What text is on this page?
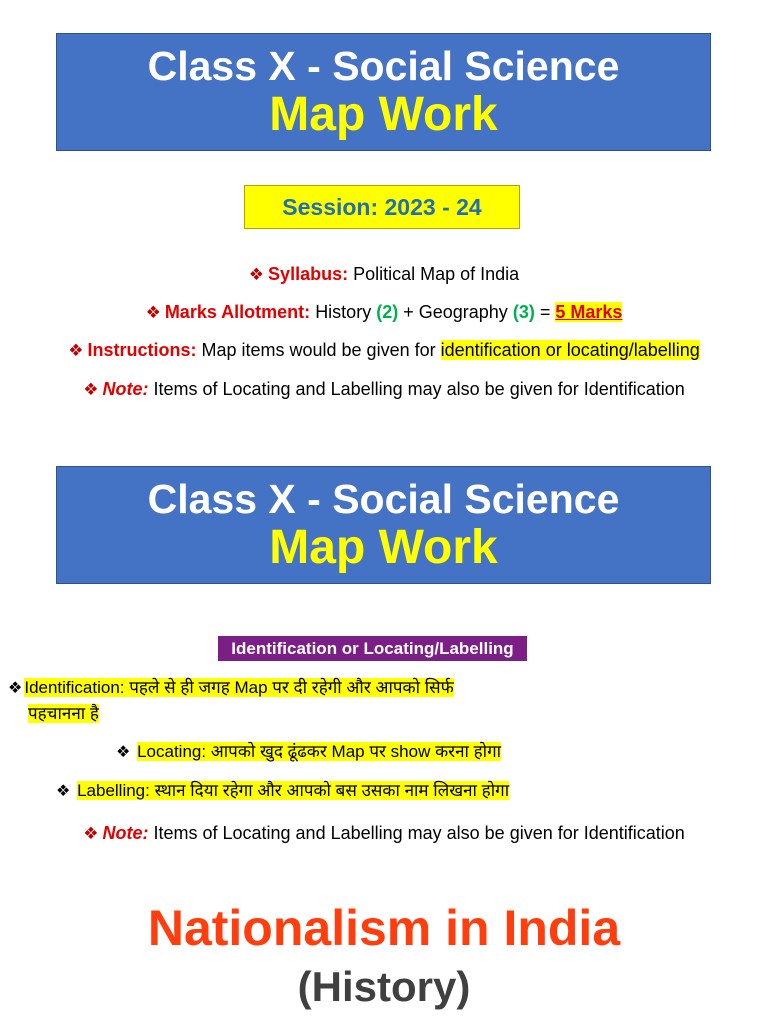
Class X - Social Science
Map Work
Session: 2023 - 24
❖ Syllabus: Political Map of India
❖ Marks Allotment: History (2) + Geography (3) = 5 Marks
❖ Instructions: Map items would be given for identification or locating/labelling
❖ Note: Items of Locating and Labelling may also be given for Identification
Class X - Social Science
Map Work
Identification or Locating/Labelling
❖ Identification: पहले से ही जगह Map पर दी रहेगी और आपको सिर्फ
पहचानना है
❖ Locating: आपको खुद ढूंढकर Map पर show करना होगा
❖ Labelling: स्थान दिया रहेगा और आपको बस उसका नाम लिखना होगा
❖ Note: Items of Locating and Labelling may also be given for Identification
Nationalism in India
(History)
